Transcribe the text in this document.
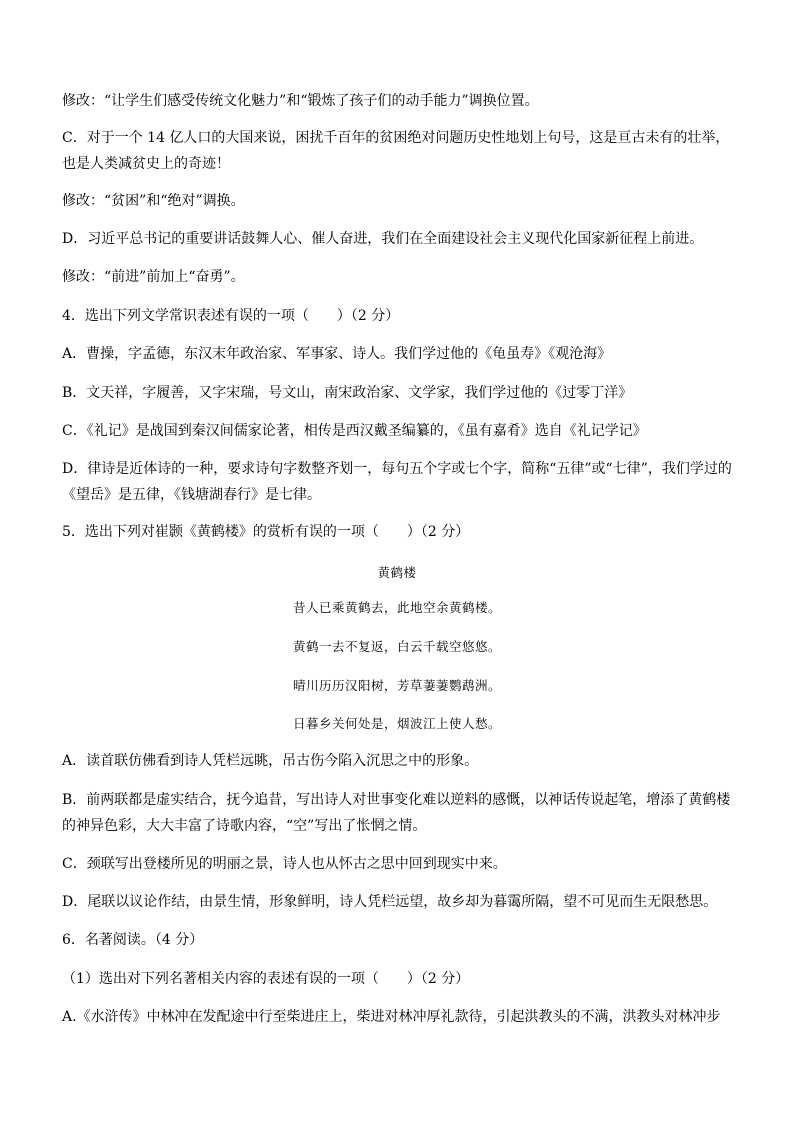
修改：“让学生们感受传统文化魅力”和“锻炼了孩子们的动手能力”调换位置。
C．对于一个 14 亿人口的大国来说，困扰千百年的贫困绝对问题历史性地划上句号，这是亘古未有的壮举，
也是人类减贫史上的奇迹！
修改：“贫困”和“绝对”调换。
D．习近平总书记的重要讲话鼓舞人心、催人奋进，我们在全面建设社会主义现代化国家新征程上前进。
修改：“前进”前加上“奋勇”。
4．选出下列文学常识表述有误的一项（　　）（2 分）
A．曹操，字孟德，东汉末年政治家、军事家、诗人。我们学过他的《龟虽寿》《观沧海》
B．文天祥，字履善，又字宋瑞，号文山，南宋政治家、文学家，我们学过他的《过零丁洋》
C．《礼记》是战国到秦汉间儒家论著，相传是西汉戴圣编纂的，《虽有嘉肴》选自《礼记学记》
D．律诗是近体诗的一种，要求诗句字数整齐划一，每句五个字或七个字，简称“五律”或“七律”，我们学过的
《望岳》是五律，《钱塘湖春行》是七律。
5．选出下列对崔颢《黄鹤楼》的赏析有误的一项（　　）（2 分）
黄鹤楼
昔人已乘黄鹤去，此地空余黄鹤楼。
黄鹤一去不复返，白云千载空悠悠。
晴川历历汉阳树，芳草萋萋鹦鹉洲。
日暮乡关何处是，烟波江上使人愁。
A．读首联仿佛看到诗人凭栏远眺，吊古伤今陷入沉思之中的形象。
B．前两联都是虚实结合，抚今追昔，写出诗人对世事变化难以逆料的感慨，以神话传说起笔，增添了黄鹤楼
的神异色彩，大大丰富了诗歌内容，“空”写出了怅惘之情。
C．颈联写出登楼所见的明丽之景，诗人也从怀古之思中回到现实中来。
D．尾联以议论作结，由景生情，形象鲜明，诗人凭栏远望，故乡却为暮霭所隔，望不可见而生无限愁思。
6．名著阅读。（4 分）
（1）选出对下列名著相关内容的表述有误的一项（　　）（2 分）
A.《水浒传》中林冲在发配途中行至柴进庄上，柴进对林冲厚礼款待，引起洪教头的不满，洪教头对林冲步
